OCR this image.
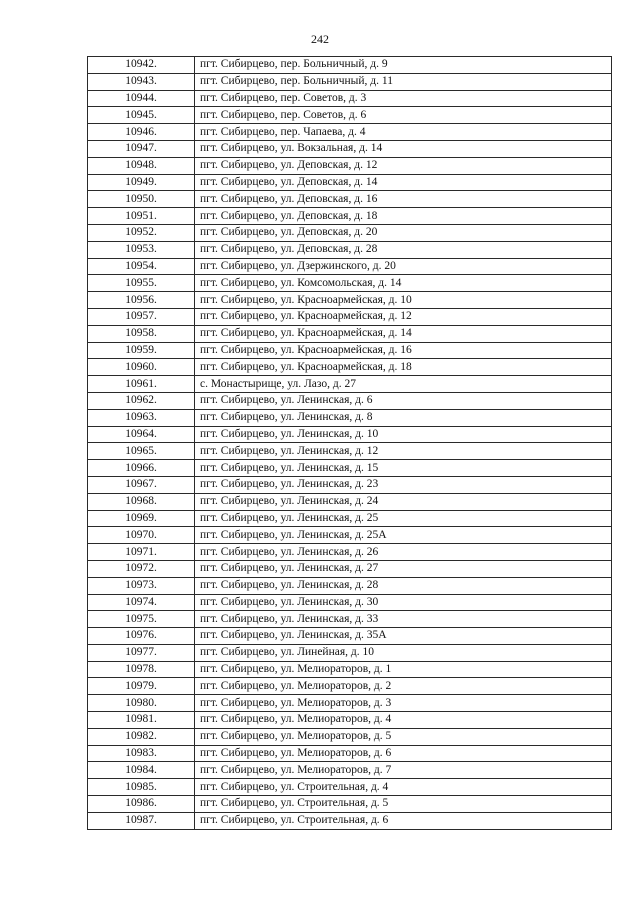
242
10942.	пгт. Сибирцево, пер. Больничный, д. 9
10943.	пгт. Сибирцево, пер. Больничный, д. 11
10944.	пгт. Сибирцево, пер. Советов, д. 3
10945.	пгт. Сибирцево, пер. Советов, д. 6
10946.	пгт. Сибирцево, пер. Чапаева, д. 4
10947.	пгт. Сибирцево, ул. Вокзальная, д. 14
10948.	пгт. Сибирцево, ул. Деповская, д. 12
10949.	пгт. Сибирцево, ул. Деповская, д. 14
10950.	пгт. Сибирцево, ул. Деповская, д. 16
10951.	пгт. Сибирцево, ул. Деповская, д. 18
10952.	пгт. Сибирцево, ул. Деповская, д. 20
10953.	пгт. Сибирцево, ул. Деповская, д. 28
10954.	пгт. Сибирцево, ул. Дзержинского, д. 20
10955.	пгт. Сибирцево, ул. Комсомольская, д. 14
10956.	пгт. Сибирцево, ул. Красноармейская, д. 10
10957.	пгт. Сибирцево, ул. Красноармейская, д. 12
10958.	пгт. Сибирцево, ул. Красноармейская, д. 14
10959.	пгт. Сибирцево, ул. Красноармейская, д. 16
10960.	пгт. Сибирцево, ул. Красноармейская, д. 18
10961.	с. Монастырище, ул. Лазо, д. 27
10962.	пгт. Сибирцево, ул. Ленинская, д. 6
10963.	пгт. Сибирцево, ул. Ленинская, д. 8
10964.	пгт. Сибирцево, ул. Ленинская, д. 10
10965.	пгт. Сибирцево, ул. Ленинская, д. 12
10966.	пгт. Сибирцево, ул. Ленинская, д. 15
10967.	пгт. Сибирцево, ул. Ленинская, д. 23
10968.	пгт. Сибирцево, ул. Ленинская, д. 24
10969.	пгт. Сибирцево, ул. Ленинская, д. 25
10970.	пгт. Сибирцево, ул. Ленинская, д. 25А
10971.	пгт. Сибирцево, ул. Ленинская, д. 26
10972.	пгт. Сибирцево, ул. Ленинская, д. 27
10973.	пгт. Сибирцево, ул. Ленинская, д. 28
10974.	пгт. Сибирцево, ул. Ленинская, д. 30
10975.	пгт. Сибирцево, ул. Ленинская, д. 33
10976.	пгт. Сибирцево, ул. Ленинская, д. 35А
10977.	пгт. Сибирцево, ул. Линейная, д. 10
10978.	пгт. Сибирцево, ул. Мелиораторов, д. 1
10979.	пгт. Сибирцево, ул. Мелиораторов, д. 2
10980.	пгт. Сибирцево, ул. Мелиораторов, д. 3
10981.	пгт. Сибирцево, ул. Мелиораторов, д. 4
10982.	пгт. Сибирцево, ул. Мелиораторов, д. 5
10983.	пгт. Сибирцево, ул. Мелиораторов, д. 6
10984.	пгт. Сибирцево, ул. Мелиораторов, д. 7
10985.	пгт. Сибирцево, ул. Строительная, д. 4
10986.	пгт. Сибирцево, ул. Строительная, д. 5
10987.	пгт. Сибирцево, ул. Строительная, д. 6
